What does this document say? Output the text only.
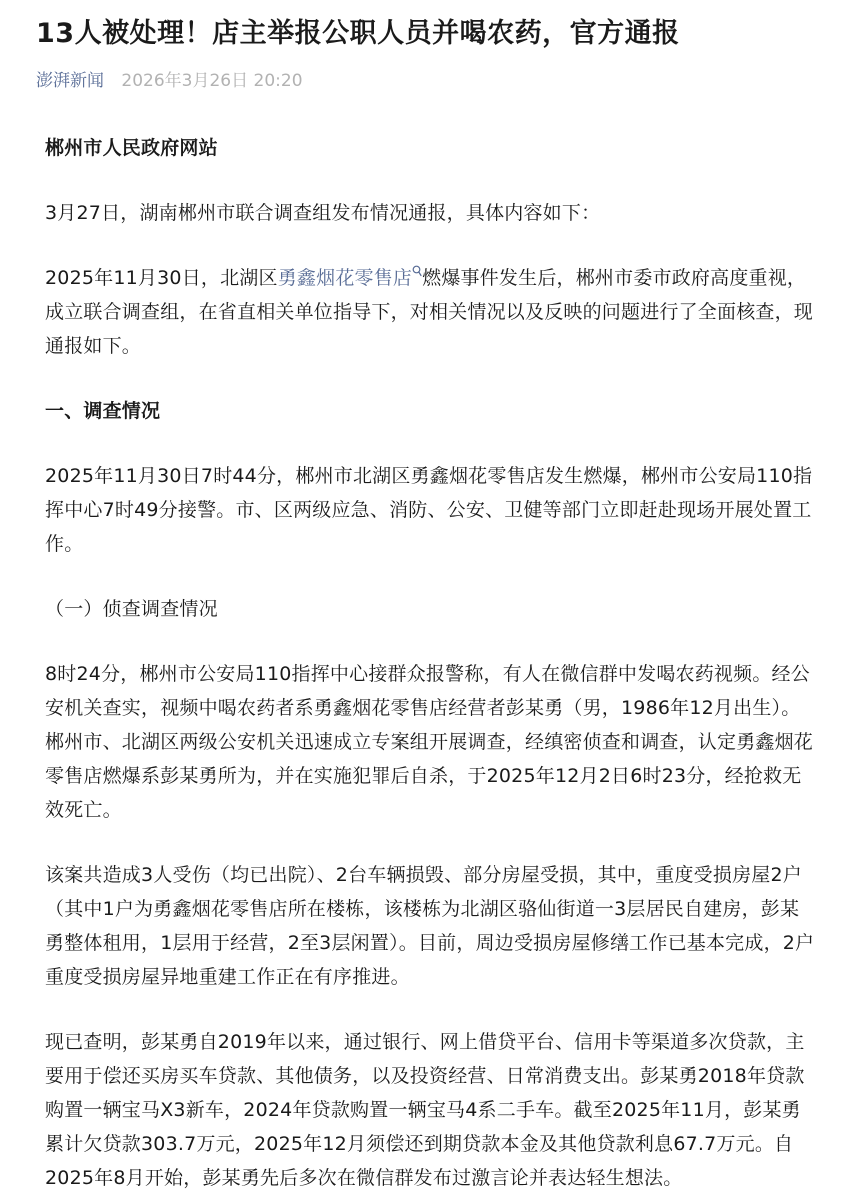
13人被处理！店主举报公职人员并喝农药，官方通报
澎湃新闻 2026年3月26日 20:20

郴州市人民政府网站

3月27日，湖南郴州市联合调查组发布情况通报，具体内容如下：

2025年11月30日，北湖区勇鑫烟花零售店 燃爆事件发生后，郴州市委市政府高度重视，成立联合调查组，在省直相关单位指导下，对相关情况以及反映的问题进行了全面核查，现通报如下。

一、调查情况

2025年11月30日7时44分，郴州市北湖区勇鑫烟花零售店发生燃爆，郴州市公安局110指挥中心7时49分接警。市、区两级应急、消防、公安、卫健等部门立即赶赴现场开展处置工作。

（一）侦查调查情况

8时24分，郴州市公安局110指挥中心接群众报警称，有人在微信群中发喝农药视频。经公安机关查实，视频中喝农药者系勇鑫烟花零售店经营者彭某勇（男，1986年12月出生）。郴州市、北湖区两级公安机关迅速成立专案组开展调查，经缜密侦查和调查，认定勇鑫烟花零售店燃爆系彭某勇所为，并在实施犯罪后自杀，于2025年12月2日6时23分，经抢救无效死亡。

该案共造成3人受伤（均已出院）、2台车辆损毁、部分房屋受损，其中，重度受损房屋2户（其中1户为勇鑫烟花零售店所在楼栋，该楼栋为北湖区骆仙街道一3层居民自建房，彭某勇整体租用，1层用于经营，2至3层闲置）。目前，周边受损房屋修缮工作已基本完成，2户重度受损房屋异地重建工作正在有序推进。

现已查明，彭某勇自2019年以来，通过银行、网上借贷平台、信用卡等渠道多次贷款，主要用于偿还买房买车贷款、其他债务，以及投资经营、日常消费支出。彭某勇2018年贷款购置一辆宝马X3新车，2024年贷款购置一辆宝马4系二手车。截至2025年11月，彭某勇累计欠贷款303.7万元，2025年12月须偿还到期贷款本金及其他贷款利息67.7万元。自2025年8月开始，彭某勇先后多次在微信群发布过激言论并表达轻生想法。
